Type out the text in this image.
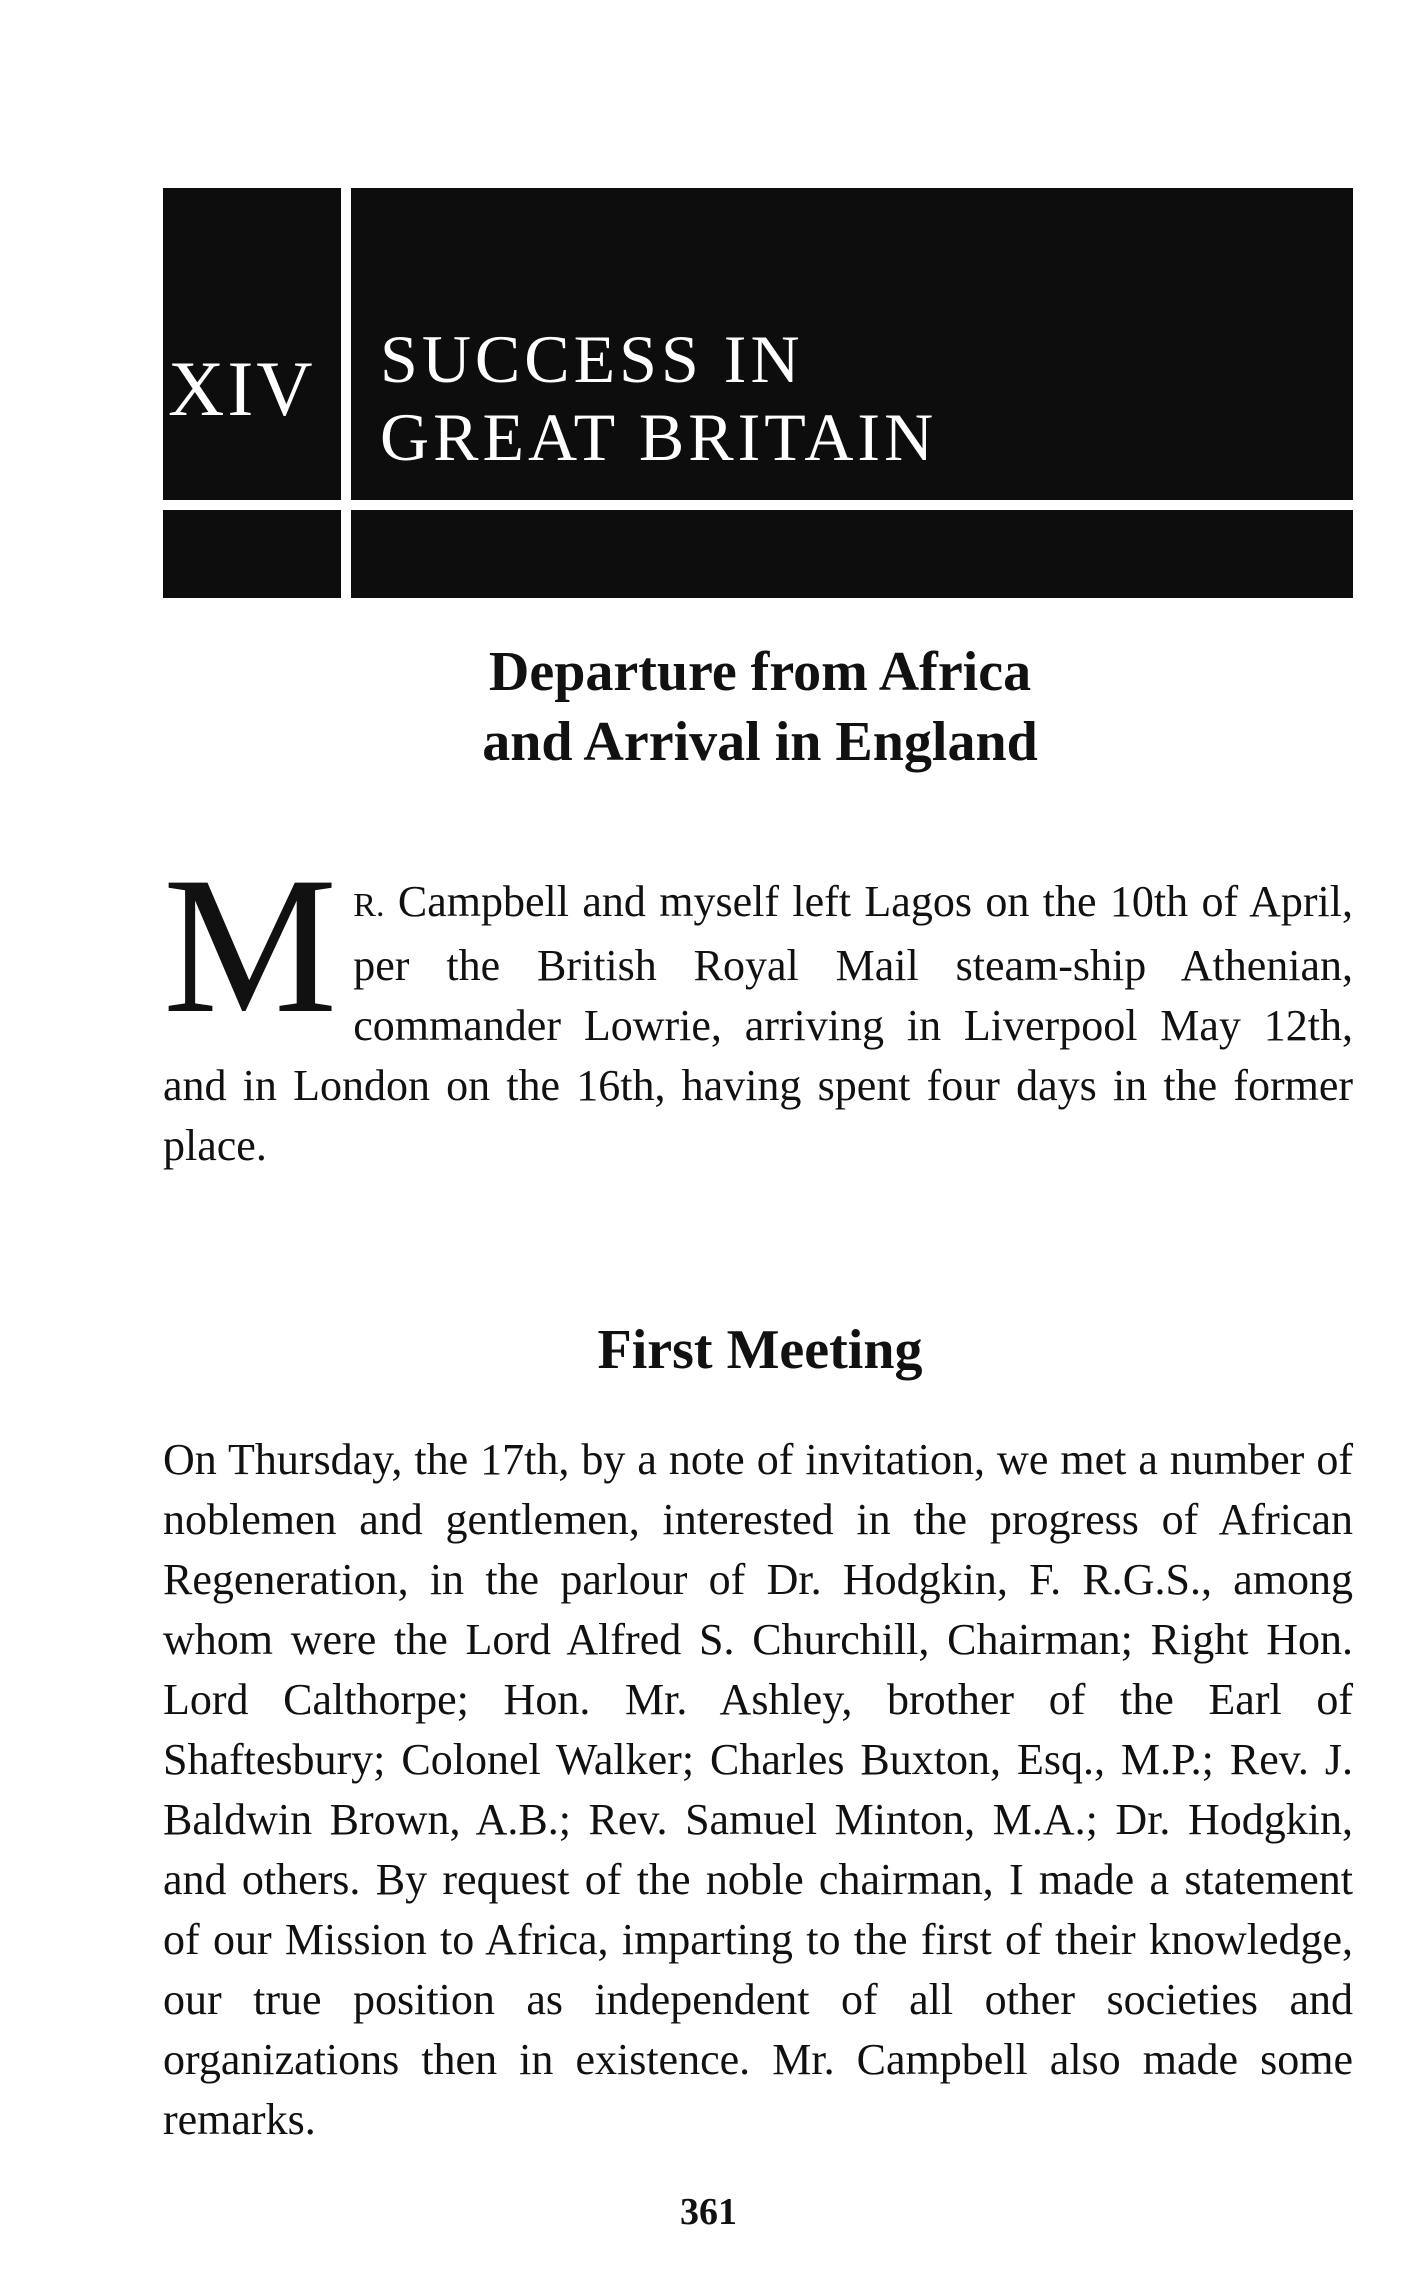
XIV SUCCESS IN
GREAT BRITAIN
Departure from Africa
and Arrival in England
M R. Campbell and myself left Lagos on the 10th of April, per the British Royal Mail steam-ship Athenian, commander Lowrie, arriving in Liverpool May 12th, and in London on the 16th, having spent four days in the former place.
First Meeting
On Thursday, the 17th, by a note of invitation, we met a number of noblemen and gentlemen, interested in the progress of African Regeneration, in the parlour of Dr. Hodgkin, F. R.G.S., among whom were the Lord Alfred S. Churchill, Chairman; Right Hon. Lord Calthorpe; Hon. Mr. Ashley, brother of the Earl of Shaftesbury; Colonel Walker; Charles Buxton, Esq., M.P.; Rev. J. Baldwin Brown, A.B.; Rev. Samuel Minton, M.A.; Dr. Hodgkin, and others. By request of the noble chairman, I made a statement of our Mission to Africa, imparting to the first of their knowledge, our true position as independent of all other societies and organizations then in existence. Mr. Campbell also made some remarks.
361
